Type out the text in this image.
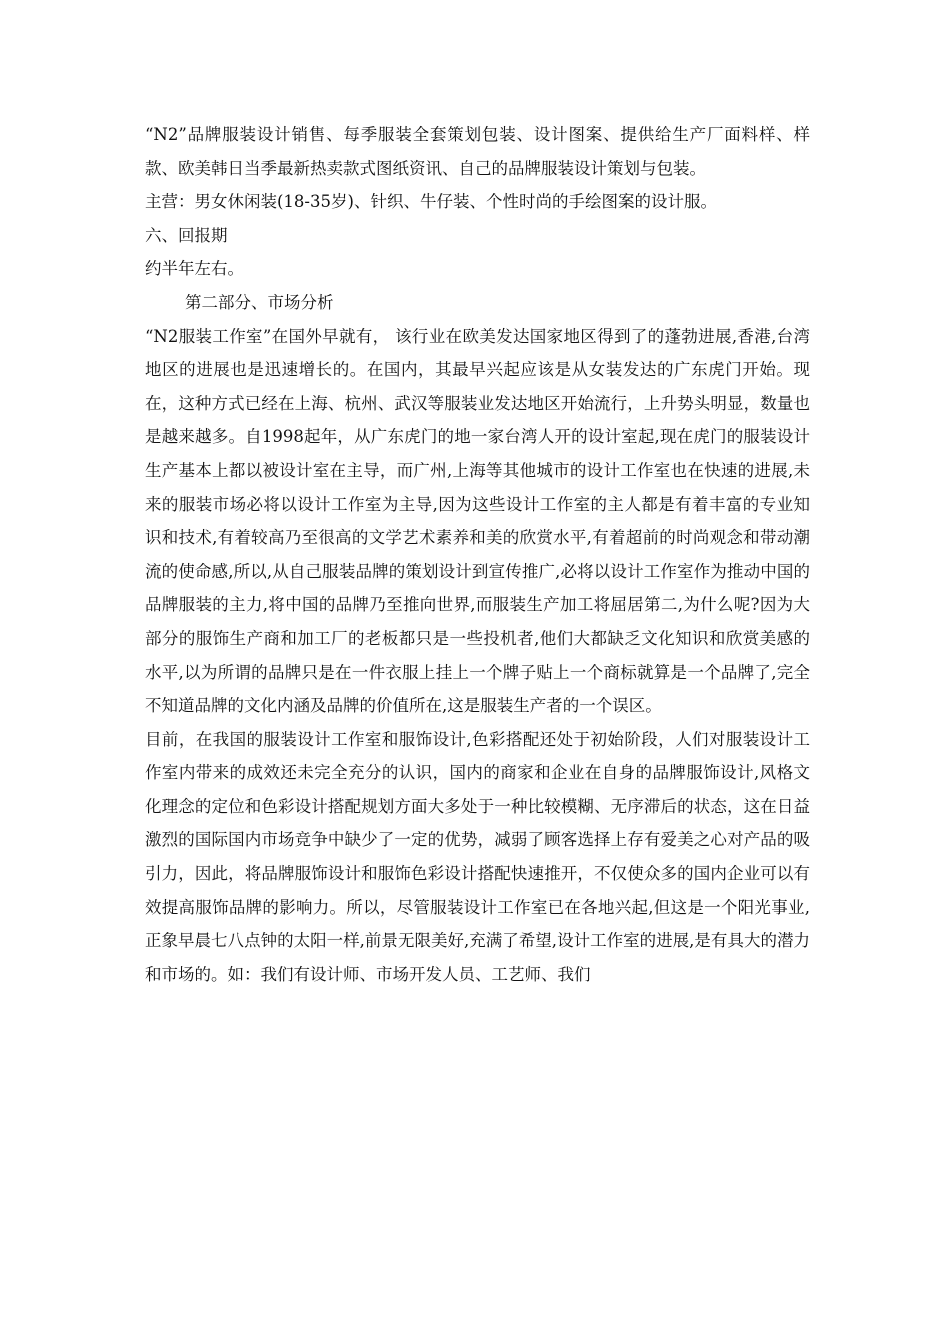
“N2”品牌服装设计销售、每季服装全套策划包装、设计图案、提供给生产厂面料样、样款、欧美韩日当季最新热卖款式图纸资讯、自己的品牌服装设计策划与包装。

主营：男女休闲装(18-35岁)、针织、牛仔装、个性时尚的手绘图案的设计服。

六、回报期

约半年左右。

第二部分、市场分析

“N2服装工作室”在国外早就有， 该行业在欧美发达国家地区得到了的蓬勃进展,香港,台湾地区的进展也是迅速增长的。在国内，其最早兴起应该是从女装发达的广东虎门开始。现在，这种方式已经在上海、杭州、武汉等服装业发达地区开始流行，上升势头明显，数量也是越来越多。自1998起年，从广东虎门的地一家台湾人开的设计室起,现在虎门的服装设计生产基本上都以被设计室在主导，而广州,上海等其他城市的设计工作室也在快速的进展,未来的服装市场必将以设计工作室为主导,因为这些设计工作室的主人都是有着丰富的专业知识和技术,有着较高乃至很高的文学艺术素养和美的欣赏水平,有着超前的时尚观念和带动潮流的使命感,所以,从自己服装品牌的策划设计到宣传推广,必将以设计工作室作为推动中国的品牌服装的主力,将中国的品牌乃至推向世界,而服装生产加工将屈居第二,为什么呢?因为大部分的服饰生产商和加工厂的老板都只是一些投机者,他们大都缺乏文化知识和欣赏美感的水平,以为所谓的品牌只是在一件衣服上挂上一个牌子贴上一个商标就算是一个品牌了,完全不知道品牌的文化内涵及品牌的价值所在,这是服装生产者的一个误区。

目前，在我国的服装设计工作室和服饰设计,色彩搭配还处于初始阶段，人们对服装设计工作室内带来的成效还未完全充分的认识，国内的商家和企业在自身的品牌服饰设计,风格文化理念的定位和色彩设计搭配规划方面大多处于一种比较模糊、无序滞后的状态，这在日益激烈的国际国内市场竞争中缺少了一定的优势，减弱了顾客选择上存有爱美之心对产品的吸引力，因此，将品牌服饰设计和服饰色彩设计搭配快速推开，不仅使众多的国内企业可以有效提高服饰品牌的影响力。所以，尽管服装设计工作室已在各地兴起,但这是一个阳光事业,正象早晨七八点钟的太阳一样,前景无限美好,充满了希望,设计工作室的进展,是有具大的潜力和市场的。如：我们有设计师、市场开发人员、工艺师、我们
